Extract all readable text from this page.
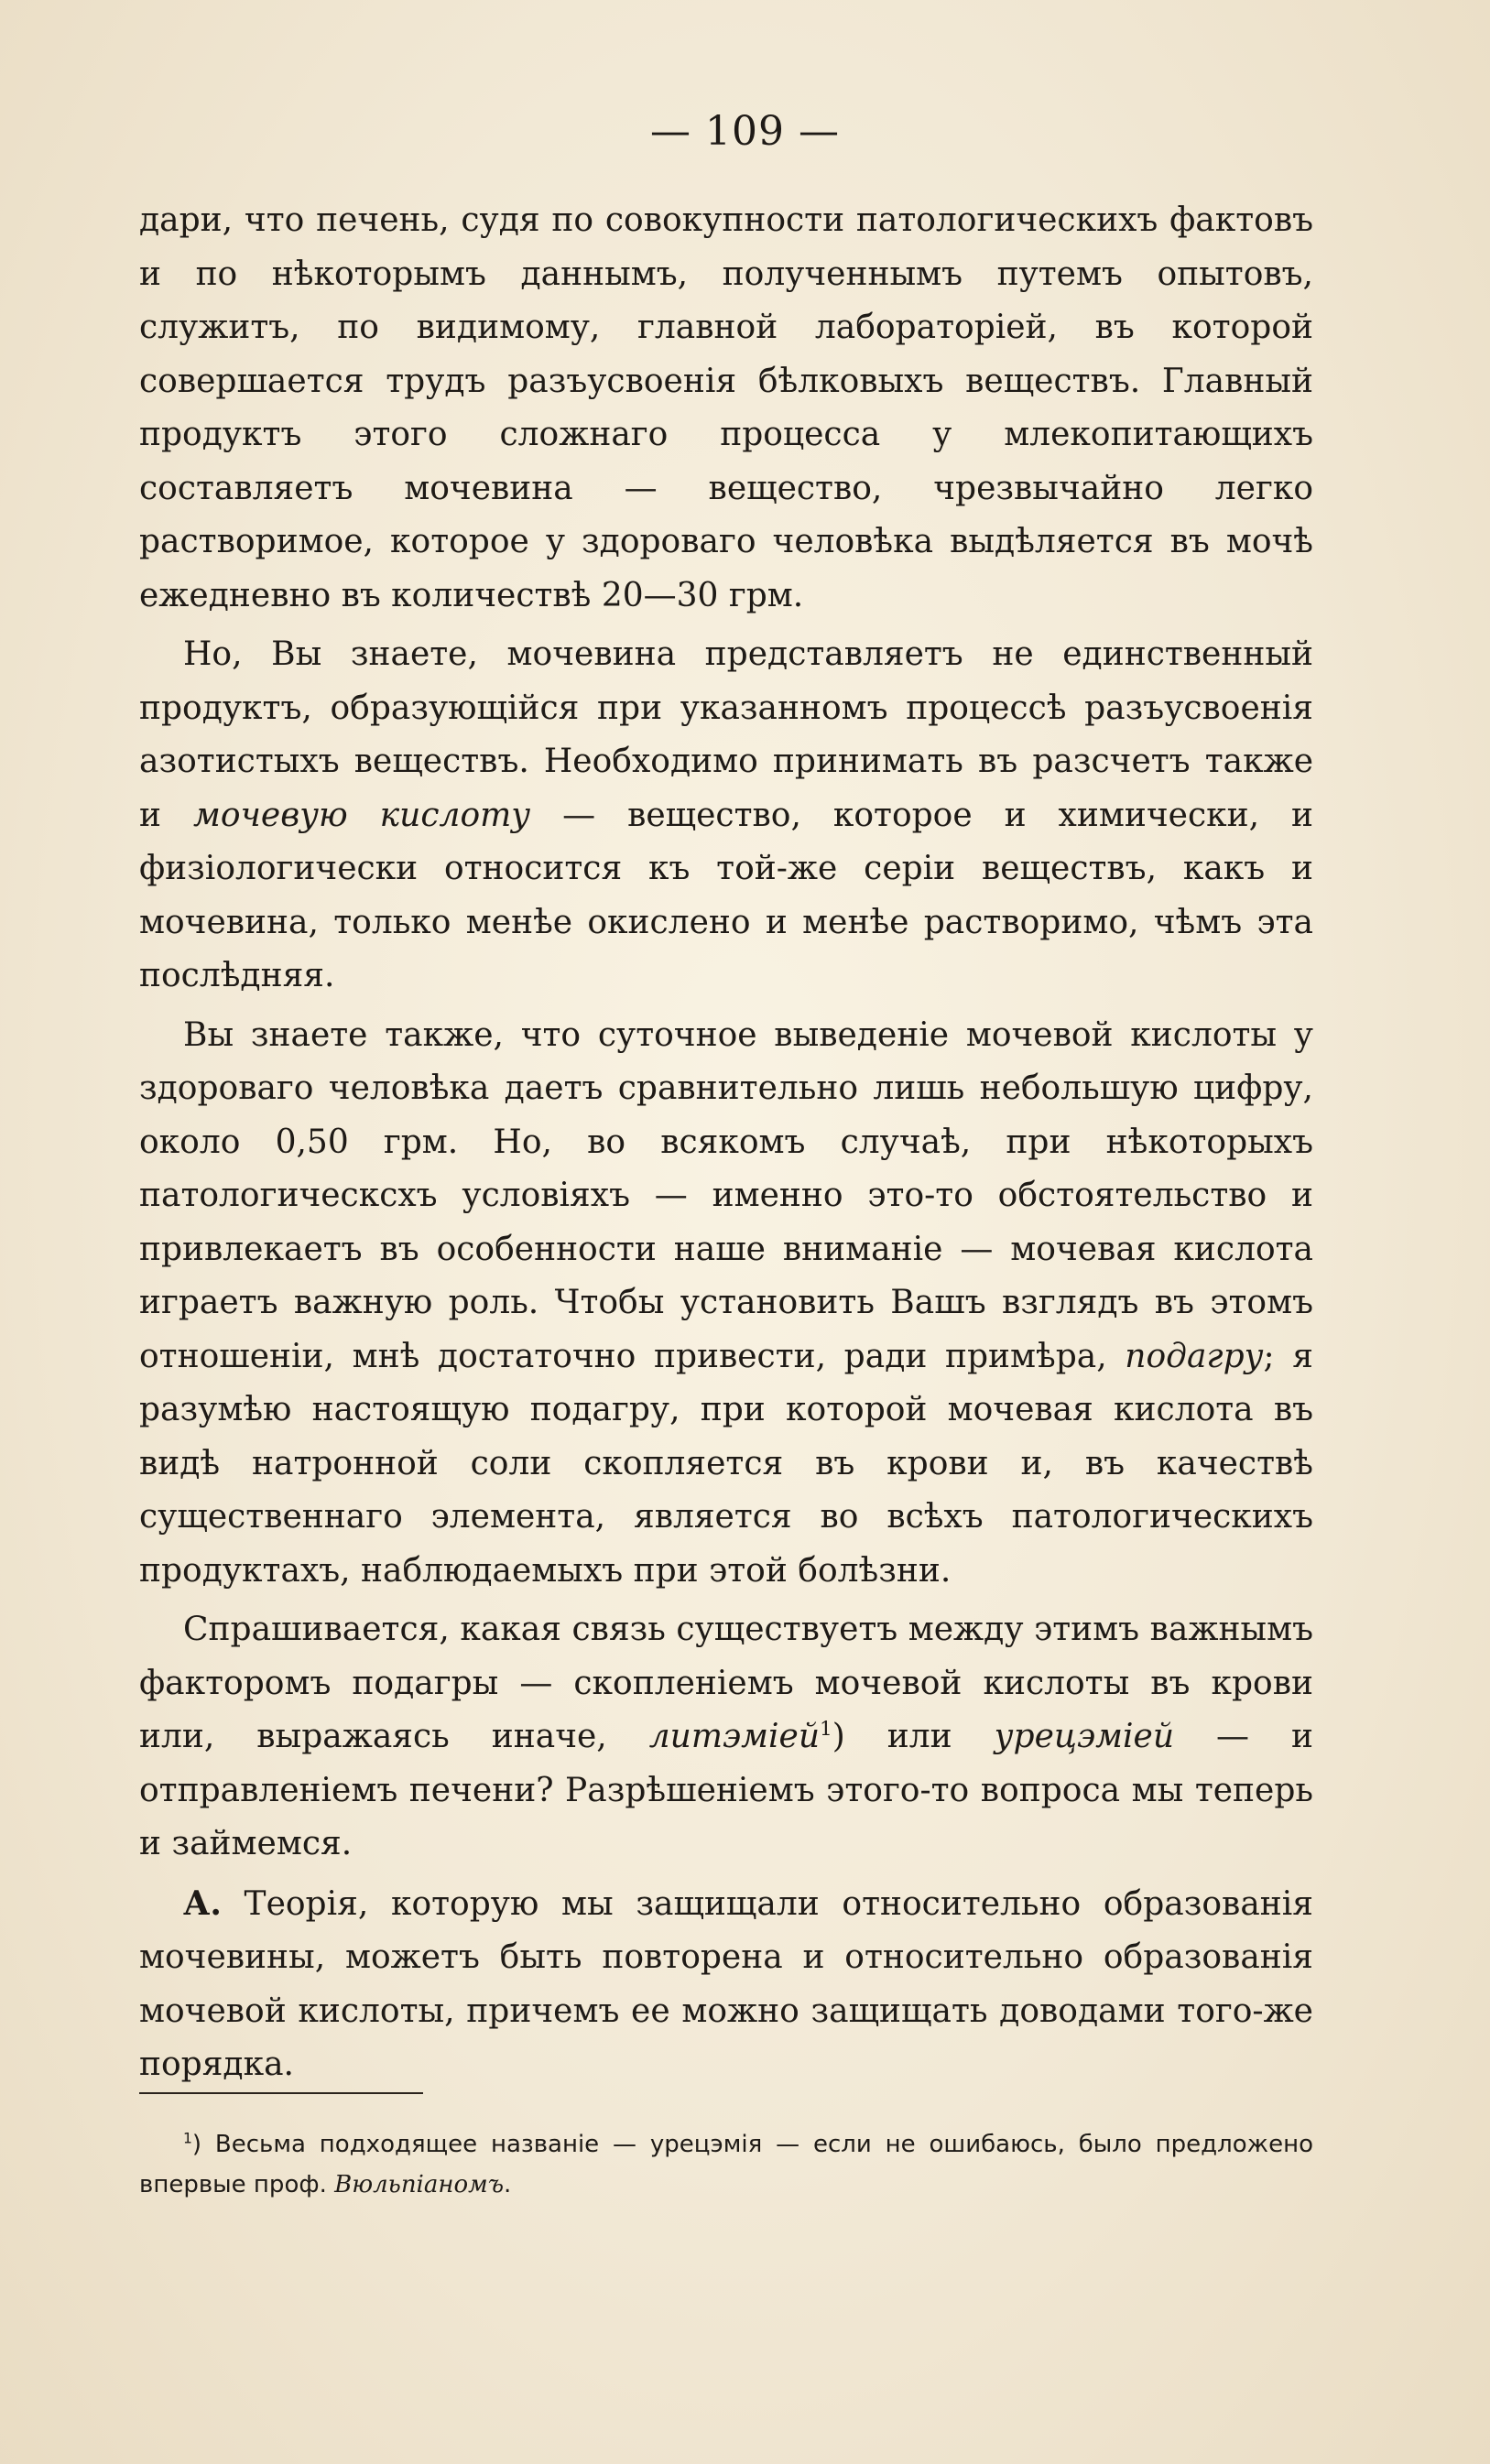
— 109 —

дари, что печень, судя по совокупности патологическихъ фактовъ и по нѣкоторымъ даннымъ, полученнымъ путемъ опытовъ, служитъ, по видимому, главной лабораторіей, въ которой совершается трудъ разъусвоенія бѣлковыхъ веществъ. Главный продуктъ этого сложнаго процесса у млекопитающихъ составляетъ мочевина — вещество, чрезвычайно легко растворимое, которое у здороваго человѣка выдѣляется въ мочѣ ежедневно въ количествѣ 20—30 грм.

Но, Вы знаете, мочевина представляетъ не единственный продуктъ, образующійся при указанномъ процессѣ разъусвоенія азотистыхъ веществъ. Необходимо принимать въ разсчетъ также и мочевую кислоту — вещество, которое и химически, и физіологически относится къ той-же серіи веществъ, какъ и мочевина, только менѣе окислено и менѣе растворимо, чѣмъ эта послѣдняя.

Вы знаете также, что суточное выведеніе мочевой кислоты у здороваго человѣка даетъ сравнительно лишь небольшую цифру, около 0,50 грм. Но, во всякомъ случаѣ, при нѣкоторыхъ патологическсхъ условіяхъ — именно это-то обстоятельство и привлекаетъ въ особенности наше вниманіе — мочевая кислота играетъ важную роль. Чтобы установить Вашъ взглядъ въ этомъ отношеніи, мнѣ достаточно привести, ради примѣра, подагру; я разумѣю настоящую подагру, при которой мочевая кислота въ видѣ натронной соли скопляется въ крови и, въ качествѣ существеннаго элемента, является во всѣхъ патологическихъ продуктахъ, наблюдаемыхъ при этой болѣзни.

Спрашивается, какая связь существуетъ между этимъ важнымъ факторомъ подагры — скопленіемъ мочевой кислоты въ крови или, выражаясь иначе, литэміей$^1$) или урецэміей — и отправленіемъ печени? Разрѣшеніемъ этого-то вопроса мы теперь и займемся.

А. Теорія, которую мы защищали относительно образованія мочевины, можетъ быть повторена и относительно образованія мочевой кислоты, причемъ ее можно защищать доводами того-же порядка.

$^1$) Весьма подходящее названіе — урецэмія — если не ошибаюсь, было предложено впервые проф. Вюльпіаномъ.
